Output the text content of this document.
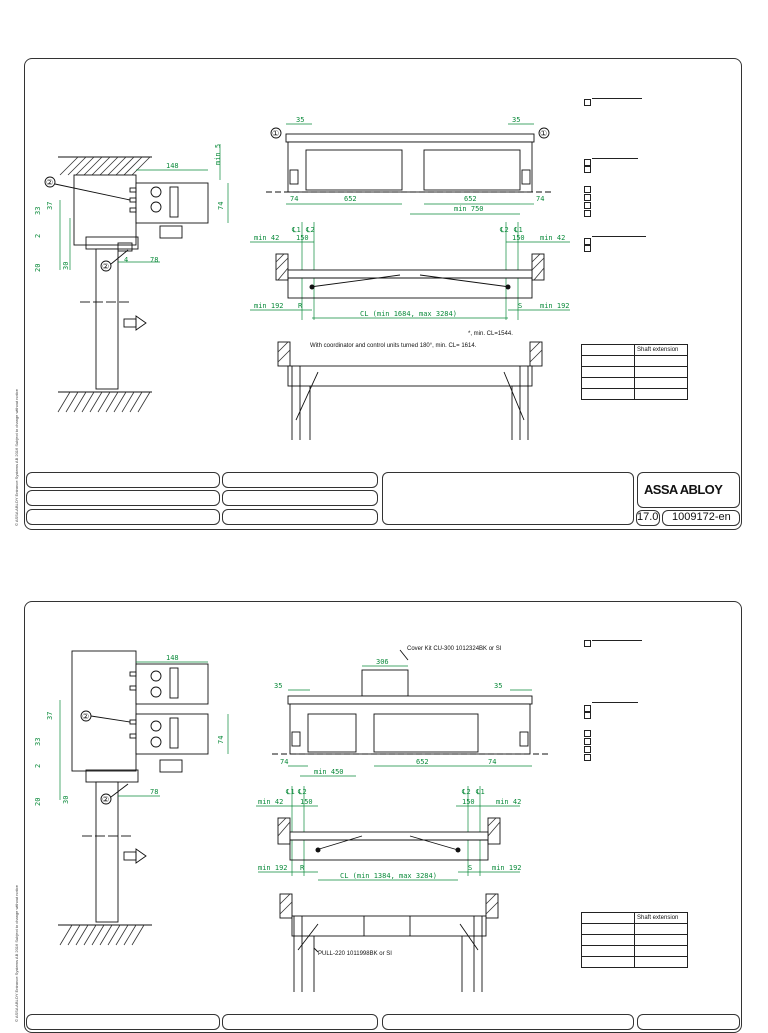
148
min 5
74
33
2
20	30
37
4	78
②
②
35	35
74	652	652	74
min 750
①	①
℄1 ℄2	℄2 ℄1
min 42 150	150 min 42
min 192 R
CL (min 1684, max 3284)
S	min 192
*, min. CL=1544.
With coordinator and control units turned 180°, min. CL= 1614.
	Shaft extension

© ASSA ABLOY Entrance Systems AB 2016 Subject to change without notice	ASSA ABLOY
17.0 1009172-en
148
74
37
33
2
20	30
78
②
②
306
Cover Kit CU-300 1012324BK or SI
35	35
74	652	74
min 450
℄1 ℄2	℄2 ℄1
min 42 150	150	min 42
min 192 R
CL (min 1384, max 3284)
S	min 192
PULL-220 1011998BK or SI
	Shaft extension

© ASSA ABLOY Entrance Systems AB 2016 Subject to change without notice
